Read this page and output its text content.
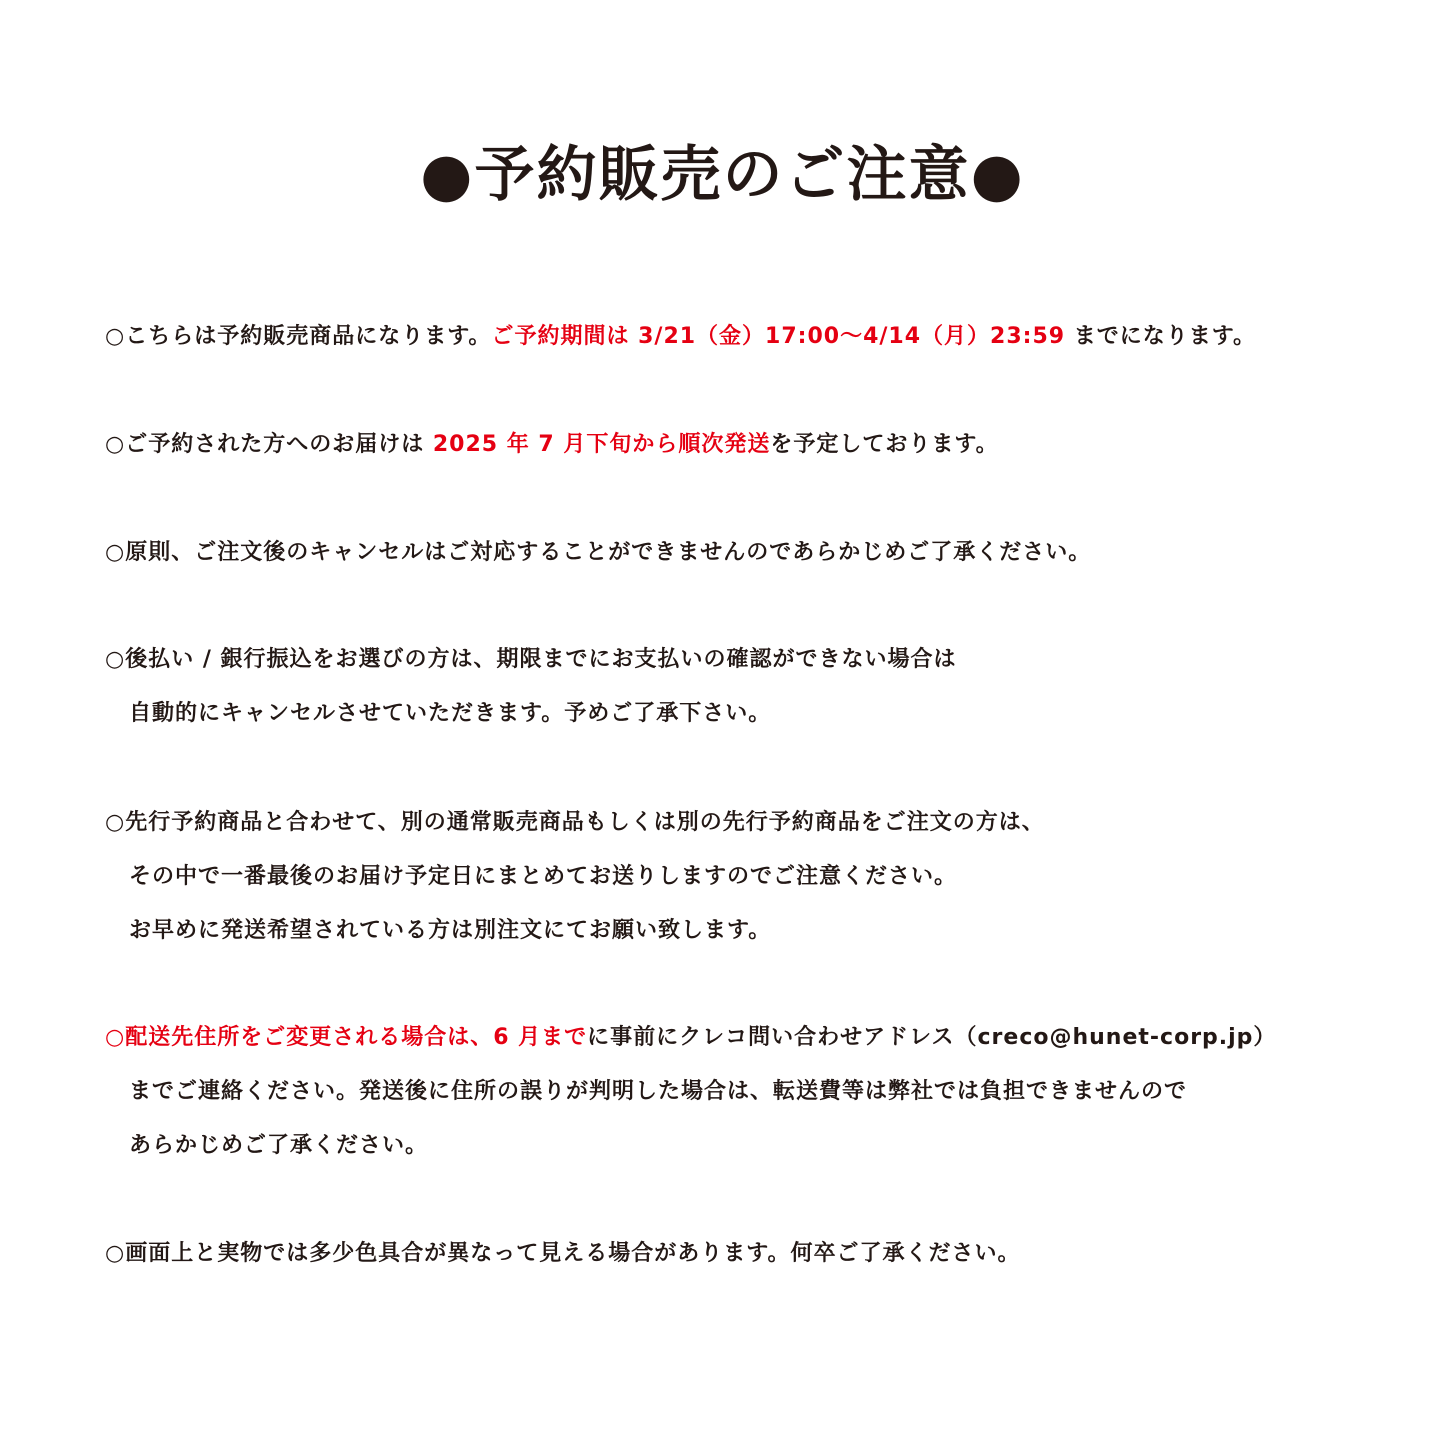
●予約販売のご注意●
○こちらは予約販売商品になります。ご予約期間は 3/21（金）17:00〜4/14（月）23:59 までになります。
○ご予約された方へのお届けは 2025 年 7 月下旬から順次発送を予定しております。
○原則、ご注文後のキャンセルはご対応することができませんのであらかじめご了承ください。
○後払い / 銀行振込をお選びの方は、期限までにお支払いの確認ができない場合は
自動的にキャンセルさせていただきます。予めご了承下さい。
○先行予約商品と合わせて、別の通常販売商品もしくは別の先行予約商品をご注文の方は、
その中で一番最後のお届け予定日にまとめてお送りしますのでご注意ください。
お早めに発送希望されている方は別注文にてお願い致します。
○配送先住所をご変更される場合は、6 月までに事前にクレコ問い合わせアドレス（creco@hunet-corp.jp）
までご連絡ください。発送後に住所の誤りが判明した場合は、転送費等は弊社では負担できませんので
あらかじめご了承ください。
○画面上と実物では多少色具合が異なって見える場合があります。何卒ご了承ください。
